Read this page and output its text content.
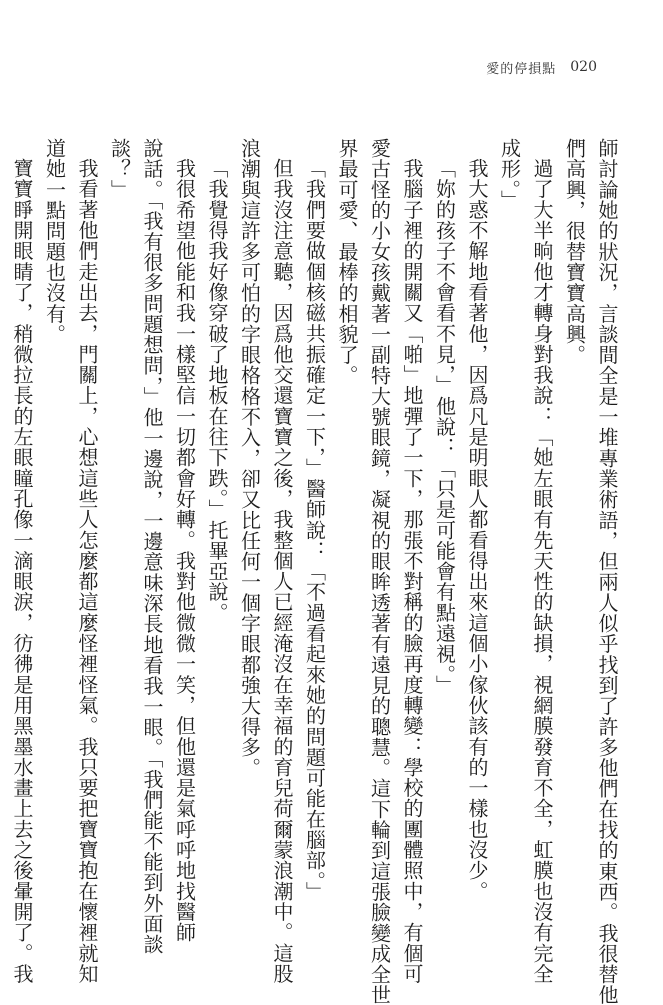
愛的停損點 020

師討論她的狀況，言談間全是一堆專業術語，但兩人似乎找到了許多他們在找的東西。我很替他

們高興，很替寶寶高興。

過了大半晌他才轉身對我說：「她左眼有先天性的缺損，視網膜發育不全，虹膜也沒有完全

成形。」

我大惑不解地看著他，因爲凡是明眼人都看得出來這個小傢伙該有的一樣也沒少。

「妳的孩子不會看不見，」他說：「只是可能會有點遠視。」

我腦子裡的開關又「啪」地彈了一下，那張不對稱的臉再度轉變：學校的團體照中，有個可

愛古怪的小女孩戴著一副特大號眼鏡，凝視的眼眸透著有遠見的聰慧。這下輪到這張臉變成全世

界最可愛、最棒的相貌了。

「我們要做個核磁共振確定一下，」醫師說：「不過看起來她的問題可能在腦部。」

但我沒注意聽，因爲他交還寶寶之後，我整個人已經淹沒在幸福的育兒荷爾蒙浪潮中。這股

浪潮與這許多可怕的字眼格格不入，卻又比任何一個字眼都強大得多。

「我覺得我好像穿破了地板在往下跌。」托畢亞說。

我很希望他能和我一樣堅信一切都會好轉。我對他微微一笑，但他還是氣呼呼地找醫師

說話。「我有很多問題想問，」他一邊說，一邊意味深長地看我一眼。「我們能不能到外面談

談？」

我看著他們走出去，門關上，心想這些人怎麼都這麼怪裡怪氣。我只要把寶寶抱在懷裡就知

道她一點問題也沒有。

寶寶睜開眼睛了，稍微拉長的左眼瞳孔像一滴眼淚，彷彿是用黑墨水畫上去之後暈開了。我
